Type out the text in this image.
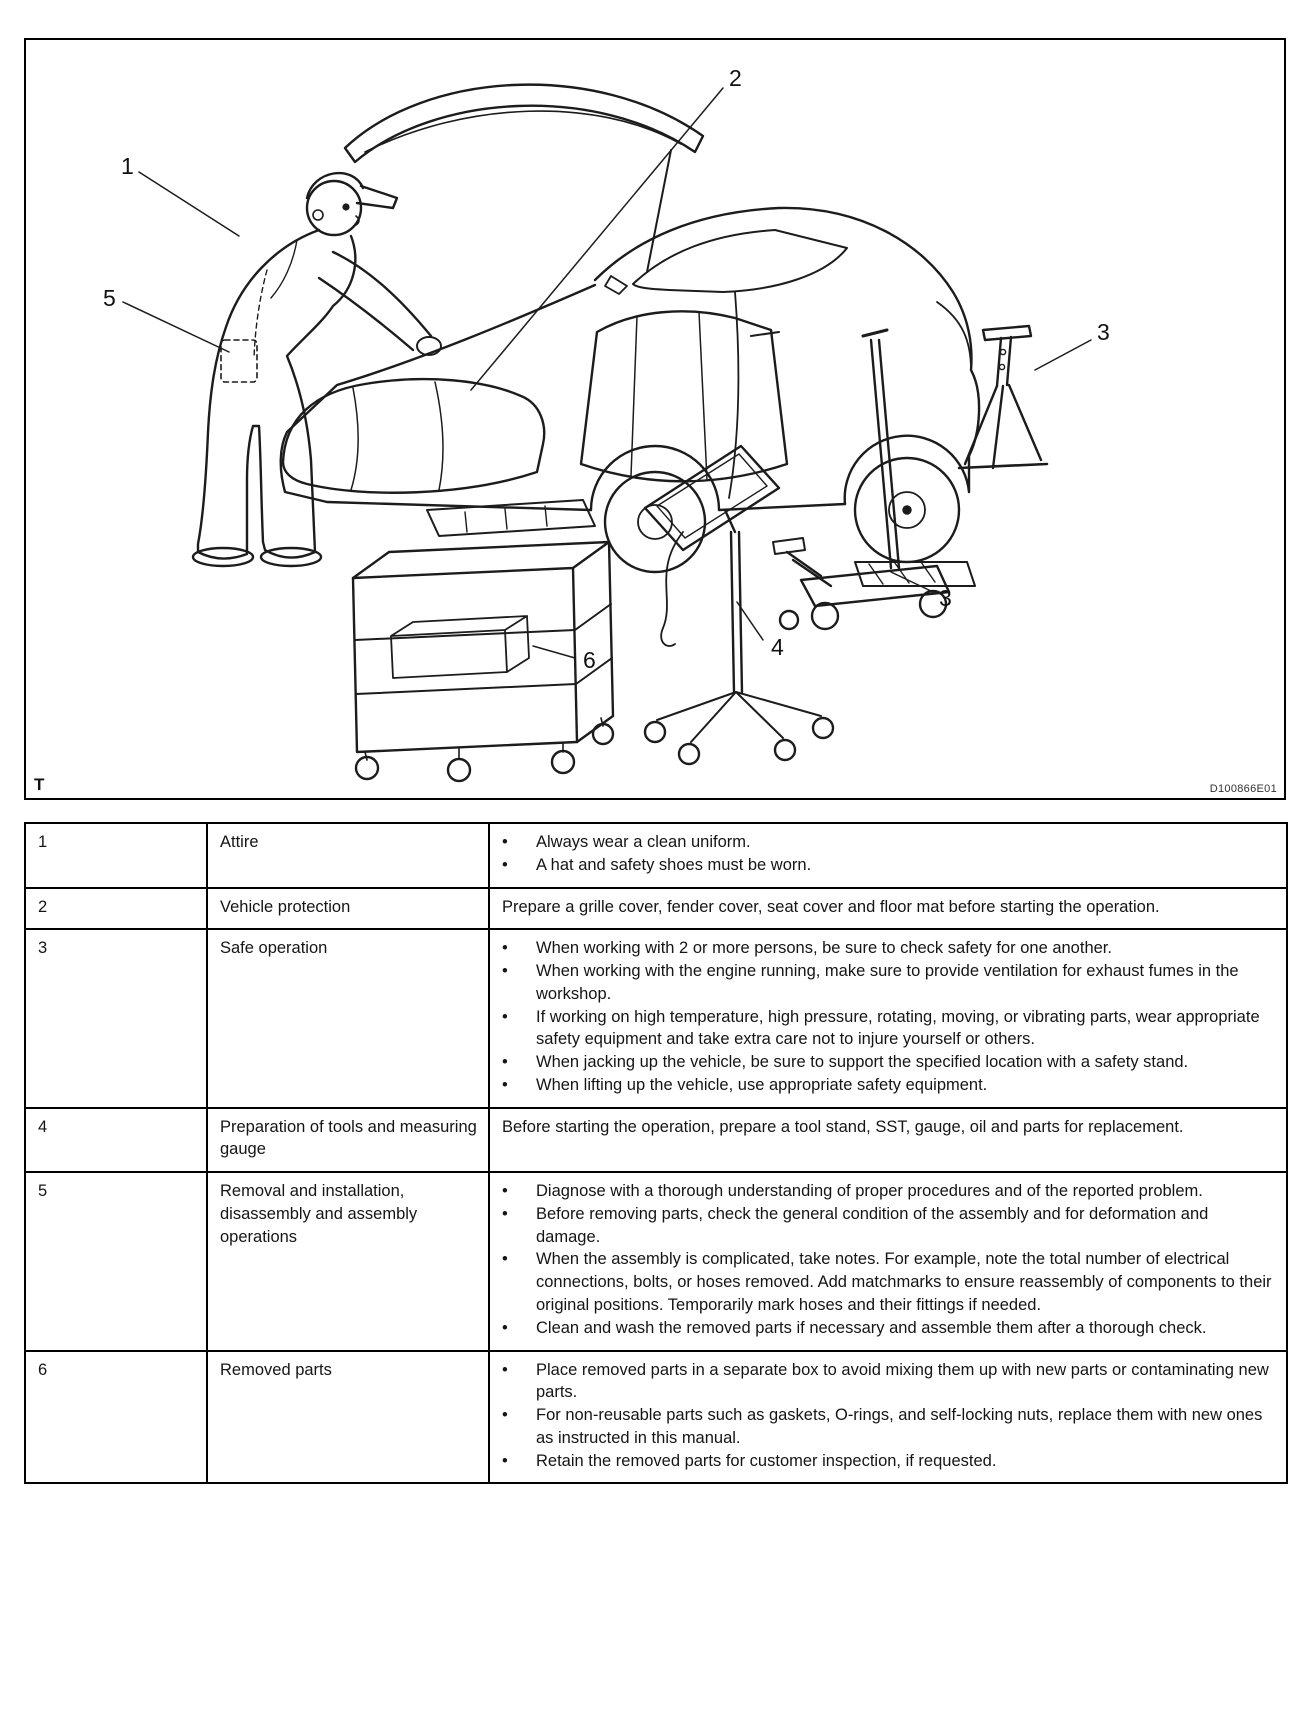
1
2
3
3
4
5
6
T	D100866E01
1	Attire	• Always wear a clean uniform.
• A hat and safety shoes must be worn.

2	Vehicle protection	Prepare a grille cover, fender cover, seat cover and floor mat before starting the operation.

3	Safe operation	•	When working with 2 or more persons, be sure to check safety for one another.
•	When working with the engine running, make sure to provide ventilation for exhaust fumes in the workshop.
•	If working on high temperature, high pressure, rotating, moving, or vibrating parts, wear appropriate safety equipment and take extra care not to injure yourself or others.
•	When jacking up the vehicle, be sure to support the specified location with a safety stand.
•	When lifting up the vehicle, use appropriate safety equipment.

4	Preparation of tools and measuring gauge	Before starting the operation, prepare a tool stand, SST, gauge, oil and parts for replacement.

5	Removal and installation, disassembly and assembly operations	
•	Diagnose with a thorough understanding of proper procedures and of the reported problem.
•	Before removing parts, check the general condition of the assembly and for deformation and damage.
•	When the assembly is complicated, take notes. For example, note the total number of electrical connections, bolts, or hoses removed. Add matchmarks to ensure reassembly of components to their original positions. Temporarily mark hoses and their fittings if needed.
•	Clean and wash the removed parts if necessary and assemble them after a thorough check.

6	Removed parts	•	Place removed parts in a separate box to avoid mixing them up with new parts or contaminating new parts.
•	For non-reusable parts such as gaskets, O-rings, and self-locking nuts, replace them with new ones as instructed in this manual.
•	Retain the removed parts for customer inspection, if requested.
